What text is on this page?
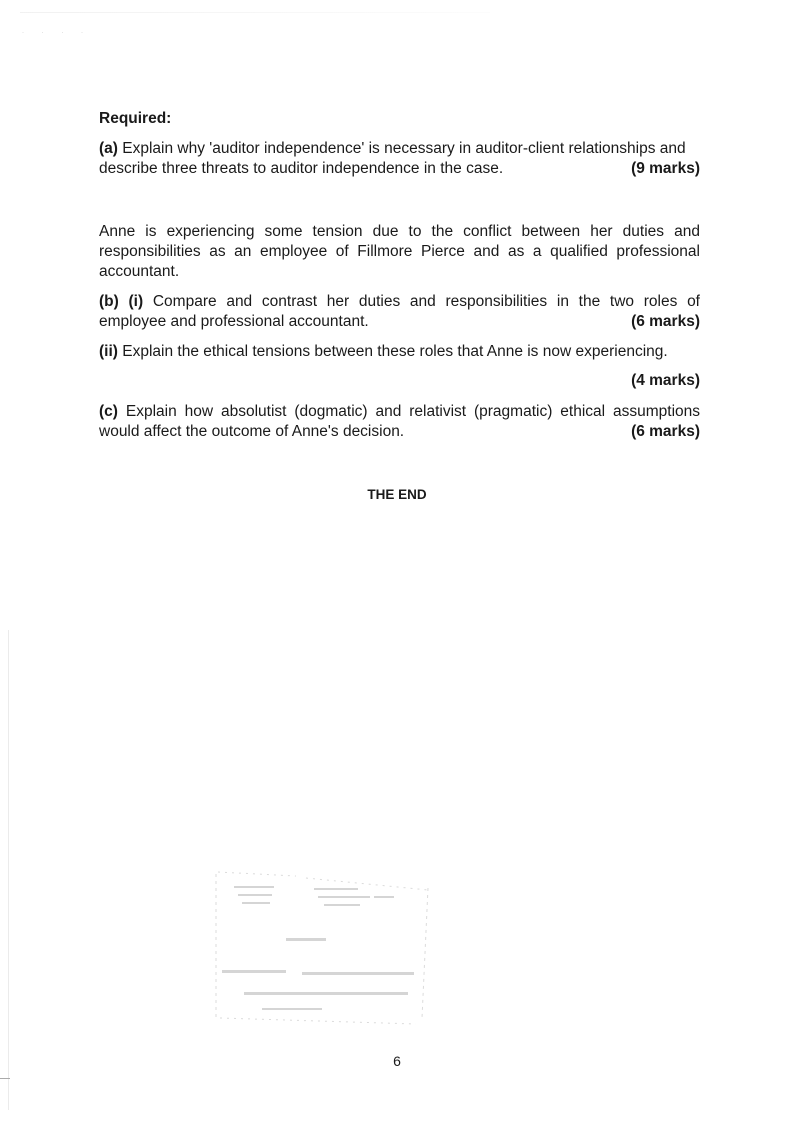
· · · ·
Required:
(a) Explain why 'auditor independence' is necessary in auditor-client relationships and
describe three threats to auditor independence in the case.	(9 marks)
Anne is experiencing some tension due to the conflict between her duties and responsibilities as an employee of Fillmore Pierce and as a qualified professional accountant.
(b) (i) Compare and contrast her duties and responsibilities in the two roles of
employee and professional accountant.	(6 marks)
(ii) Explain the ethical tensions between these roles that Anne is now experiencing.
(4 marks)
(c) Explain how absolutist (dogmatic) and relativist (pragmatic) ethical assumptions
would affect the outcome of Anne's decision.	(6 marks)
THE END
6
